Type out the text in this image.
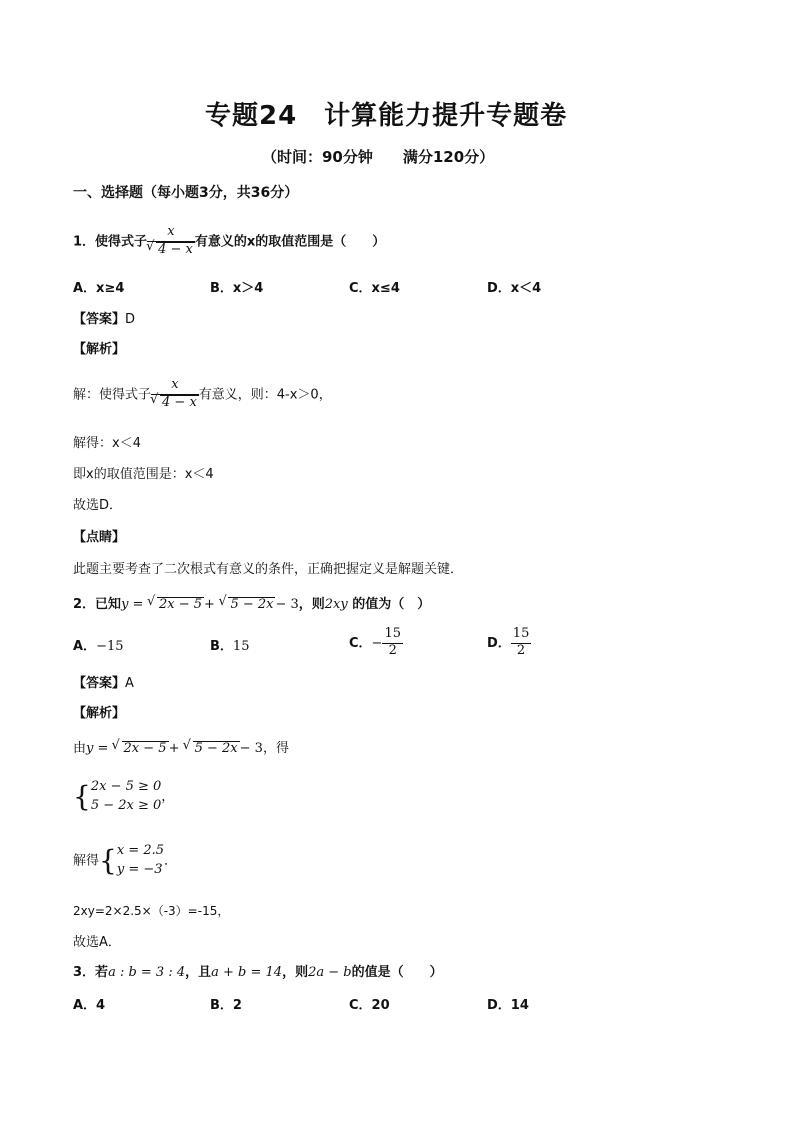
专题24　计算能力提升专题卷
（时间：90分钟　　满分120分）
一、选择题（每小题3分，共36分）
1．使得式子 x
√ 4 − x 有意义的x的取值范围是（　　）
A．x≥4	B．x＞4	C．x≤4	D．x＜4
【答案】D
【解析】
解：使得式子 x
√ 4 − x 有意义，则：4-x＞0，
解得：x＜4
即x的取值范围是：x＜4
故选D．
【点睛】
此题主要考查了二次根式有意义的条件，正确把握定义是解题关键．
2．已知y = √ 2x − 5 + √ 5 − 2x − 3，则2xy 的值为（　）
A．−15	B．15	C．− $\frac{15}{2}$	D． $\frac{15}{2}$
【答案】A
【解析】
由y = √ 2x − 5 + √ 5 − 2x − 3，得
{ 2x − 5 ≥ 0
5 − 2x ≥ 0
，
解得{ x = 2.5
y = −3
．
2xy=2×2.5×（-3）=-15，
故选A．
3．若a : b = 3 : 4，且a + b = 14，则2a − b的值是（　　）
A．4	B．2	C．20	D．14
